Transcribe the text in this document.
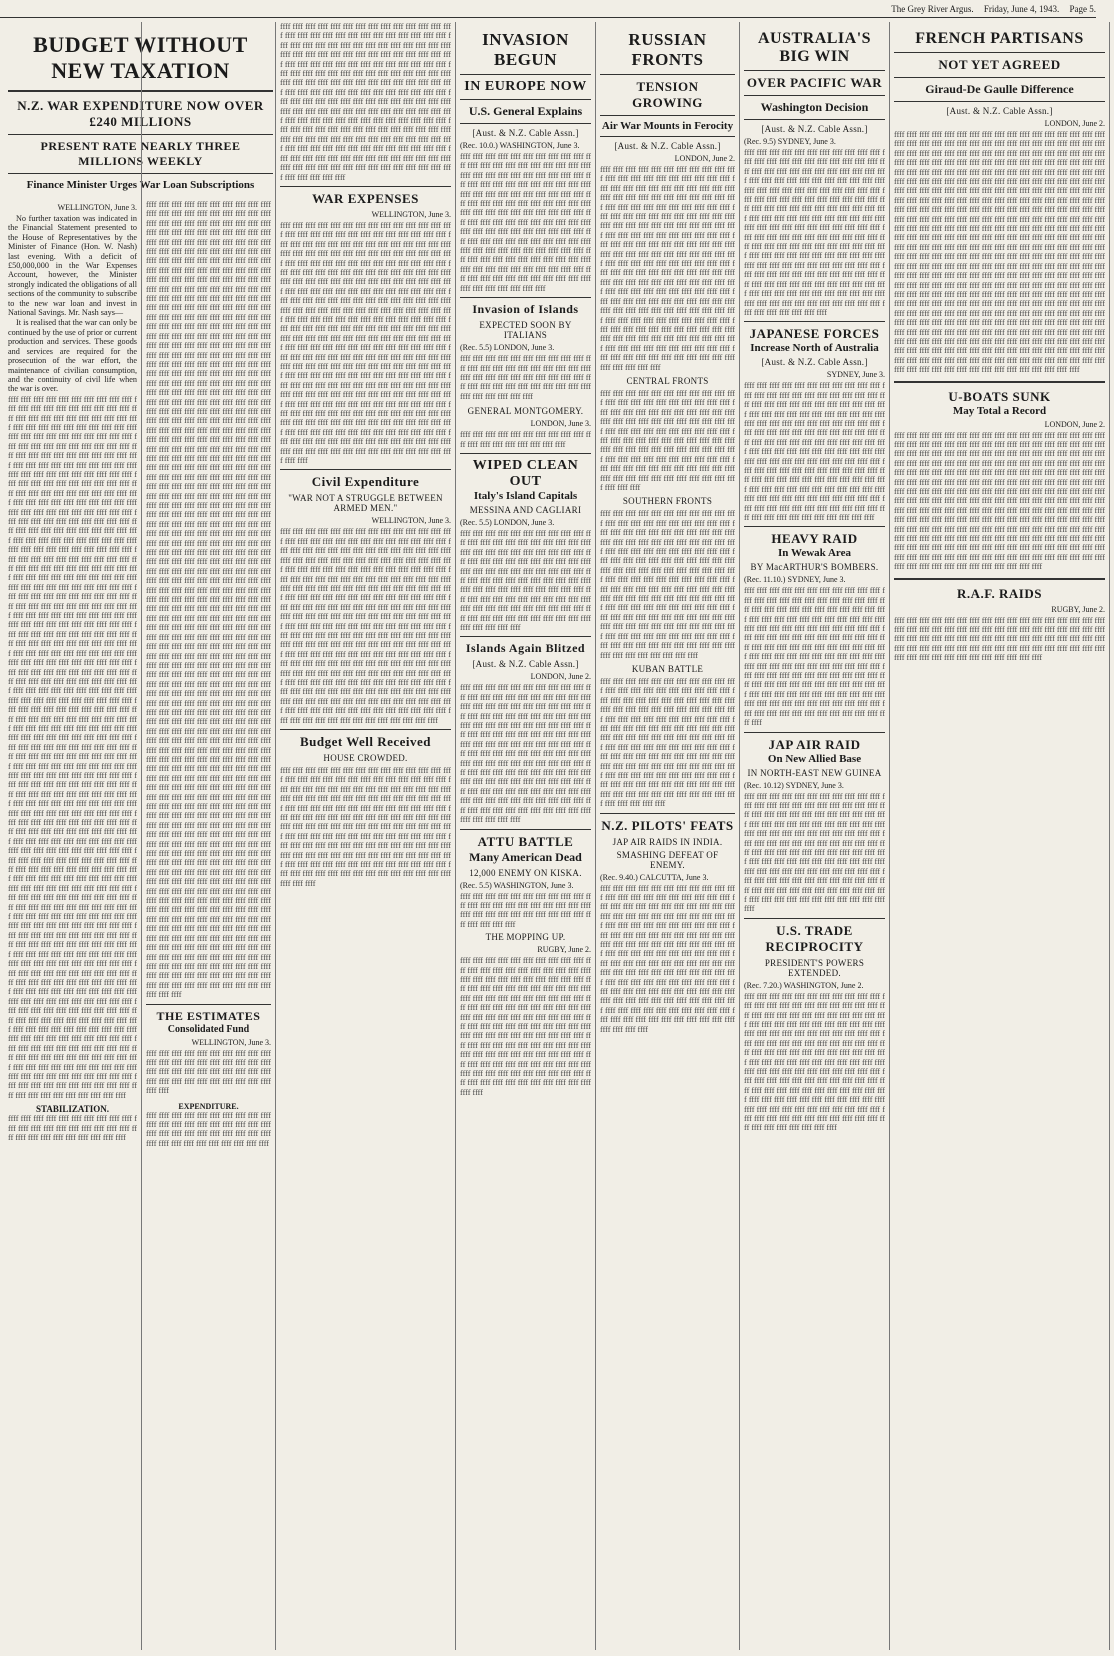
The Grey River Argus. Friday, June 4, 1943. Page 5.
BUDGET WITHOUT NEW TAXATION
N.Z. WAR EXPENDITURE NOW OVER £240 MILLIONS
PRESENT RATE NEARLY THREE MILLIONS WEEKLY
Finance Minister Urges War Loan Subscriptions
WELLINGTON, June 3.

No further taxation was indicated in the Financial Statement presented to the House of Representatives by the Minister of Finance (Hon. W. Nash) last evening. With a deficit of £50,000,000 in the War Expenses Account, however, the Minister strongly indicated the obligations of all sections of the community to subscribe to the new war loan and invest in National Savings. Mr. Nash says—

It is realised that the war can only be continued by the use of prior or current production and services. These goods and services are required for the prosecution of the war effort, the maintenance of civilian consumption, and the continuity of civil life when the war is over.

ffff ffff ffff ffff ffff ffff ffff ffff ffff ffff ffff ffff ffff ffff ffff ffff ffff ffff ffff ffff ffff ffff ffff ffff ffff ffff ffff ffff ffff ffff ffff ffff ffff ffff ffff ffff ffff ffff ffff ffff ffff ffff ffff ffff ffff ffff ffff ffff ffff ffff ffff ffff ffff ffff ffff ffff ffff ffff ffff ffff ffff ffff ffff ffff ffff ffff ffff ffff ffff ffff ffff ffff ffff ffff ffff ffff ffff ffff ffff ffff ffff ffff ffff ffff ffff ffff ffff ffff ffff ffff ffff ffff ffff ffff ffff ffff ffff ffff ffff ffff ffff ffff ffff ffff ffff ffff ffff ffff ffff ffff ffff ffff ffff ffff ffff ffff ffff ffff ffff ffff ffff ffff ffff ffff ffff ffff ffff ffff ffff ffff ffff ffff ffff ffff ffff ffff ffff ffff ffff ffff ffff ffff ffff ffff ffff ffff ffff ffff ffff ffff ffff ffff ffff ffff ffff ffff ffff ffff ffff ffff ffff ffff ffff ffff ffff ffff ffff ffff ffff ffff ffff ffff ffff ffff ffff ffff ffff ffff ffff ffff ffff ffff ffff ffff ffff ffff ffff ffff ffff ffff ffff ffff ffff ffff ffff ffff ffff ffff ffff ffff ffff ffff ffff ffff ffff ffff ffff ffff ffff ffff ffff ffff ffff ffff ffff ffff ffff ffff ffff ffff ffff ffff ffff ffff ffff ffff ffff ffff ffff ffff ffff ffff ffff ffff ffff ffff ffff ffff ffff ffff ffff ffff ffff ffff ffff ffff ffff ffff ffff ffff ffff ffff ffff ffff ffff ffff ffff ffff ffff ffff ffff ffff ffff ffff ffff ffff ffff ffff ffff ffff ffff ffff ffff ffff ffff ffff ffff ffff ffff ffff ffff ffff ffff ffff ffff ffff ffff ffff ffff ffff ffff ffff ffff ffff ffff ffff ffff ffff ffff ffff ffff ffff ffff ffff ffff ffff ffff ffff ffff ffff ffff ffff ffff ffff ffff ffff ffff ffff ffff ffff ffff ffff ffff ffff ffff ffff ffff ffff ffff ffff ffff ffff ffff ffff ffff ffff ffff ffff ffff ffff ffff ffff ffff ffff ffff ffff ffff ffff ffff ffff ffff ffff ffff ffff ffff ffff ffff ffff ffff ffff ffff ffff ffff ffff ffff ffff ffff ffff ffff ffff ffff ffff ffff ffff ffff ffff ffff ffff ffff ffff ffff ffff ffff ffff ffff ffff ffff ffff ffff ffff ffff ffff ffff ffff ffff ffff ffff ffff ffff ffff ffff ffff ffff ffff ffff ffff ffff ffff ffff ffff ffff ffff ffff ffff ffff ffff ffff ffff ffff ffff ffff ffff ffff ffff ffff ffff ffff ffff ffff ffff ffff ffff ffff ffff ffff ffff ffff ffff ffff ffff ffff ffff ffff ffff ffff ffff ffff ffff ffff ffff ffff ffff ffff ffff ffff ffff ffff ffff ffff ffff ffff ffff ffff ffff ffff ffff ffff ffff ffff ffff ffff ffff ffff ffff ffff ffff ffff ffff ffff ffff ffff ffff ffff ffff ffff ffff ffff ffff ffff ffff ffff ffff ffff ffff ffff ffff ffff ffff ffff ffff ffff ffff ffff ffff ffff ffff ffff ffff ffff ffff ffff ffff ffff ffff ffff ffff ffff ffff ffff ffff ffff ffff ffff ffff ffff ffff ffff ffff ffff ffff ffff ffff ffff ffff ffff ffff ffff ffff ffff ffff ffff ffff ffff ffff ffff ffff ffff ffff ffff ffff ffff ffff ffff ffff ffff ffff ffff ffff ffff ffff ffff ffff ffff ffff ffff ffff ffff ffff ffff ffff ffff ffff ffff ffff ffff ffff ffff ffff ffff ffff ffff ffff ffff ffff ffff ffff ffff ffff ffff ffff ffff ffff ffff ffff ffff ffff ffff ffff ffff ffff ffff ffff ffff ffff ffff ffff ffff ffff ffff ffff ffff ffff ffff ffff ffff ffff ffff ffff ffff ffff ffff ffff ffff ffff ffff ffff ffff ffff ffff ffff ffff ffff ffff ffff ffff ffff ffff ffff ffff ffff ffff ffff ffff ffff ffff ffff ffff ffff ffff ffff ffff ffff ffff ffff ffff ffff ffff ffff ffff ffff ffff ffff ffff ffff ffff ffff ffff ffff ffff ffff ffff ffff ffff ffff ffff ffff ffff ffff ffff ffff ffff ffff ffff ffff ffff ffff ffff ffff ffff ffff ffff ffff ffff ffff ffff ffff ffff ffff ffff ffff ffff ffff ffff ffff ffff ffff ffff ffff ffff ffff ffff ffff ffff ffff ffff ffff ffff ffff ffff ffff ffff ffff ffff ffff ffff ffff ffff ffff ffff ffff ffff ffff ffff ffff ffff ffff ffff ffff ffff ffff ffff ffff ffff ffff ffff ffff ffff ffff ffff ffff ffff ffff ffff ffff ffff ffff ffff ffff ffff ffff ffff ffff ffff ffff ffff ffff ffff ffff
STABILIZATION.
ffff ffff ffff ffff ffff ffff ffff ffff ffff ffff ffff ffff ffff ffff ffff ffff ffff ffff ffff ffff ffff ffff ffff ffff ffff ffff ffff ffff ffff ffff
ffff ffff ffff ffff ffff ffff ffff ffff ffff ffff ffff ffff ffff ffff ffff ffff ffff ffff ffff ffff ffff ffff ffff ffff ffff ffff ffff ffff ffff ffff ffff ffff ffff ffff ffff ffff ffff ffff ffff ffff ffff ffff ffff ffff ffff ffff ffff ffff ffff ffff ffff ffff ffff ffff ffff ffff ffff ffff ffff ffff ffff ffff ffff ffff ffff ffff ffff ffff ffff ffff ffff ffff ffff ffff ffff ffff ffff ffff ffff ffff ffff ffff ffff ffff ffff ffff ffff ffff ffff ffff ffff ffff ffff ffff ffff ffff ffff ffff ffff ffff ffff ffff ffff ffff ffff ffff ffff ffff ffff ffff ffff ffff ffff ffff ffff ffff ffff ffff ffff ffff ffff ffff ffff ffff ffff ffff ffff ffff ffff ffff ffff ffff ffff ffff ffff ffff ffff ffff ffff ffff ffff ffff ffff ffff ffff ffff ffff ffff ffff ffff ffff ffff ffff ffff ffff ffff ffff ffff ffff ffff ffff ffff ffff ffff ffff ffff ffff ffff ffff ffff ffff ffff ffff ffff ffff ffff ffff ffff ffff ffff ffff ffff ffff ffff ffff ffff ffff ffff ffff ffff ffff ffff ffff ffff ffff ffff ffff ffff ffff ffff ffff ffff ffff ffff ffff ffff ffff ffff ffff ffff ffff ffff ffff ffff ffff ffff ffff ffff ffff ffff ffff ffff ffff ffff ffff ffff ffff ffff ffff ffff ffff ffff ffff ffff ffff ffff ffff ffff ffff ffff ffff ffff ffff ffff ffff ffff ffff ffff ffff ffff ffff ffff ffff ffff ffff ffff ffff ffff ffff ffff ffff ffff ffff ffff ffff ffff ffff ffff ffff ffff ffff ffff ffff ffff ffff ffff ffff ffff ffff ffff ffff ffff ffff ffff ffff ffff ffff ffff ffff ffff ffff ffff ffff ffff ffff ffff ffff ffff ffff ffff ffff ffff ffff ffff ffff ffff ffff ffff ffff ffff ffff ffff ffff ffff ffff ffff ffff ffff ffff ffff ffff ffff ffff ffff ffff ffff ffff ffff ffff ffff ffff ffff ffff ffff ffff ffff ffff ffff ffff ffff ffff ffff ffff ffff ffff ffff ffff ffff ffff ffff ffff ffff ffff ffff ffff ffff ffff ffff ffff ffff ffff ffff ffff ffff ffff ffff ffff ffff ffff ffff ffff ffff ffff ffff ffff ffff ffff ffff ffff ffff ffff ffff ffff ffff ffff ffff ffff ffff ffff ffff ffff ffff ffff ffff ffff ffff ffff ffff ffff ffff ffff ffff ffff ffff ffff ffff ffff ffff ffff ffff ffff ffff ffff ffff ffff ffff ffff ffff ffff ffff ffff ffff ffff ffff ffff ffff ffff ffff ffff ffff ffff ffff ffff ffff ffff ffff ffff ffff ffff ffff ffff ffff ffff ffff ffff ffff ffff ffff ffff ffff ffff ffff ffff ffff ffff ffff ffff ffff ffff ffff ffff ffff ffff ffff ffff ffff ffff ffff ffff ffff ffff ffff ffff ffff ffff ffff ffff ffff ffff ffff ffff ffff ffff ffff ffff ffff ffff ffff ffff ffff ffff ffff ffff ffff ffff ffff ffff ffff ffff ffff ffff ffff ffff ffff ffff ffff ffff ffff ffff ffff ffff ffff ffff ffff ffff ffff ffff ffff ffff ffff ffff ffff ffff ffff ffff ffff ffff ffff ffff ffff ffff ffff ffff ffff ffff ffff ffff ffff ffff ffff ffff ffff ffff ffff ffff ffff ffff ffff ffff ffff ffff ffff ffff ffff ffff ffff ffff ffff ffff ffff ffff ffff ffff ffff ffff ffff ffff ffff ffff ffff ffff ffff ffff ffff ffff ffff ffff ffff ffff ffff ffff ffff ffff ffff ffff ffff ffff ffff ffff ffff ffff ffff ffff ffff ffff ffff ffff ffff ffff ffff ffff ffff ffff ffff ffff ffff ffff ffff ffff ffff ffff ffff ffff ffff ffff ffff ffff ffff ffff ffff ffff ffff ffff ffff ffff ffff ffff ffff ffff ffff ffff ffff ffff ffff ffff ffff ffff ffff ffff ffff ffff ffff ffff ffff ffff ffff ffff ffff ffff ffff ffff ffff ffff ffff ffff ffff ffff ffff ffff ffff ffff ffff ffff ffff ffff ffff ffff ffff ffff ffff ffff ffff ffff ffff ffff ffff ffff ffff ffff ffff ffff ffff ffff ffff ffff ffff ffff ffff ffff ffff ffff ffff ffff ffff ffff ffff ffff ffff ffff ffff ffff ffff ffff ffff ffff ffff ffff ffff ffff ffff ffff ffff ffff ffff ffff ffff ffff ffff ffff ffff ffff ffff ffff ffff ffff ffff ffff ffff ffff ffff ffff ffff ffff ffff ffff ffff ffff ffff ffff ffff ffff ffff ffff ffff ffff ffff ffff ffff ffff ffff ffff ffff ffff ffff ffff ffff ffff ffff ffff ffff ffff ffff ffff ffff ffff ffff ffff ffff ffff ffff ffff ffff ffff ffff ffff ffff ffff ffff ffff ffff ffff ffff ffff ffff ffff ffff ffff ffff ffff ffff ffff ffff ffff ffff ffff ffff ffff ffff ffff ffff ffff ffff ffff ffff ffff ffff ffff ffff ffff ffff ffff ffff ffff ffff ffff ffff ffff ffff ffff ffff ffff ffff ffff ffff ffff ffff ffff ffff ffff ffff ffff ffff ffff ffff ffff ffff ffff ffff ffff ffff ffff ffff ffff
THE ESTIMATES
Consolidated Fund
WELLINGTON, June 3.

ffff ffff ffff ffff ffff ffff ffff ffff ffff ffff ffff ffff ffff ffff ffff ffff ffff ffff ffff ffff ffff ffff ffff ffff ffff ffff ffff ffff ffff ffff ffff ffff ffff ffff ffff ffff ffff ffff ffff ffff ffff ffff
EXPENDITURE.
ffff ffff ffff ffff ffff ffff ffff ffff ffff ffff ffff ffff ffff ffff ffff ffff ffff ffff ffff ffff ffff ffff ffff ffff ffff ffff ffff ffff ffff ffff ffff ffff ffff ffff ffff ffff ffff ffff ffff ffff
ffff ffff ffff ffff ffff ffff ffff ffff ffff ffff ffff ffff ffff ffff ffff ffff ffff ffff ffff ffff ffff ffff ffff ffff ffff ffff ffff ffff ffff ffff ffff ffff ffff ffff ffff ffff ffff ffff ffff ffff ffff ffff ffff ffff ffff ffff ffff ffff ffff ffff ffff ffff ffff ffff ffff ffff ffff ffff ffff ffff ffff ffff ffff ffff ffff ffff ffff ffff ffff ffff ffff ffff ffff ffff ffff ffff ffff ffff ffff ffff ffff ffff ffff ffff ffff ffff ffff ffff ffff ffff ffff ffff ffff ffff ffff ffff ffff ffff ffff ffff ffff ffff ffff ffff ffff ffff ffff ffff ffff ffff ffff ffff ffff ffff ffff ffff ffff ffff ffff ffff ffff ffff ffff ffff ffff ffff ffff ffff ffff ffff ffff ffff ffff ffff ffff ffff ffff ffff ffff ffff ffff ffff ffff ffff ffff ffff ffff ffff ffff ffff ffff ffff ffff ffff ffff ffff ffff ffff ffff ffff ffff ffff ffff ffff ffff ffff ffff ffff ffff ffff ffff ffff ffff ffff ffff ffff ffff ffff ffff ffff ffff ffff ffff ffff ffff ffff ffff ffff ffff ffff ffff ffff ffff ffff ffff ffff ffff ffff ffff ffff ffff ffff ffff ffff ffff ffff ffff ffff ffff ffff ffff ffff ffff ffff ffff ffff ffff ffff ffff ffff ffff ffff ffff ffff
WAR EXPENSES
WELLINGTON, June 3.

ffff ffff ffff ffff ffff ffff ffff ffff ffff ffff ffff ffff ffff ffff ffff ffff ffff ffff ffff ffff ffff ffff ffff ffff ffff ffff ffff ffff ffff ffff ffff ffff ffff ffff ffff ffff ffff ffff ffff ffff ffff ffff ffff ffff ffff ffff ffff ffff ffff ffff ffff ffff ffff ffff ffff ffff ffff ffff ffff ffff ffff ffff ffff ffff ffff ffff ffff ffff ffff ffff ffff ffff ffff ffff ffff ffff ffff ffff ffff ffff ffff ffff ffff ffff ffff ffff ffff ffff ffff ffff ffff ffff ffff ffff ffff ffff ffff ffff ffff ffff ffff ffff ffff ffff ffff ffff ffff ffff ffff ffff ffff ffff ffff ffff ffff ffff ffff ffff ffff ffff ffff ffff ffff ffff ffff ffff ffff ffff ffff ffff ffff ffff ffff ffff ffff ffff ffff ffff ffff ffff ffff ffff ffff ffff ffff ffff ffff ffff ffff ffff ffff ffff ffff ffff ffff ffff ffff ffff ffff ffff ffff ffff ffff ffff ffff ffff ffff ffff ffff ffff ffff ffff ffff ffff ffff ffff ffff ffff ffff ffff ffff ffff ffff ffff ffff ffff ffff ffff ffff ffff ffff ffff ffff ffff ffff ffff ffff ffff ffff ffff ffff ffff ffff ffff ffff ffff ffff ffff ffff ffff ffff ffff ffff ffff ffff ffff ffff ffff ffff ffff ffff ffff ffff ffff ffff ffff ffff ffff ffff ffff ffff ffff ffff ffff ffff ffff ffff ffff ffff ffff ffff ffff ffff ffff ffff ffff ffff ffff ffff ffff ffff ffff ffff ffff ffff ffff ffff ffff ffff ffff ffff ffff ffff ffff ffff ffff ffff ffff ffff ffff ffff ffff ffff ffff ffff ffff ffff ffff ffff ffff ffff ffff ffff ffff ffff ffff ffff ffff ffff ffff ffff ffff ffff ffff ffff ffff ffff ffff ffff ffff ffff ffff ffff ffff ffff ffff ffff ffff ffff ffff ffff ffff ffff ffff ffff ffff ffff ffff ffff ffff ffff ffff ffff ffff ffff ffff ffff ffff ffff ffff ffff ffff ffff ffff ffff ffff ffff ffff ffff ffff ffff ffff ffff ffff
Civil Expenditure
"WAR NOT A STRUGGLE BETWEEN ARMED MEN."
WELLINGTON, June 3.

ffff ffff ffff ffff ffff ffff ffff ffff ffff ffff ffff ffff ffff ffff ffff ffff ffff ffff ffff ffff ffff ffff ffff ffff ffff ffff ffff ffff ffff ffff ffff ffff ffff ffff ffff ffff ffff ffff ffff ffff ffff ffff ffff ffff ffff ffff ffff ffff ffff ffff ffff ffff ffff ffff ffff ffff ffff ffff ffff ffff ffff ffff ffff ffff ffff ffff ffff ffff ffff ffff ffff ffff ffff ffff ffff ffff ffff ffff ffff ffff ffff ffff ffff ffff ffff ffff ffff ffff ffff ffff ffff ffff ffff ffff ffff ffff ffff ffff ffff ffff ffff ffff ffff ffff ffff ffff ffff ffff ffff ffff ffff ffff ffff ffff ffff ffff ffff ffff ffff ffff ffff ffff ffff ffff ffff ffff ffff ffff ffff ffff ffff ffff ffff ffff ffff ffff ffff ffff ffff ffff ffff ffff ffff ffff ffff ffff ffff ffff ffff ffff ffff ffff ffff ffff ffff ffff ffff ffff ffff ffff ffff ffff ffff ffff ffff ffff ffff ffff ffff ffff ffff ffff ffff ffff ffff ffff ffff ffff ffff ffff ffff ffff ffff ffff ffff ffff ffff ffff ffff ffff ffff ffff ffff ffff ffff ffff ffff ffff ffff ffff ffff ffff ffff ffff ffff ffff ffff ffff ffff ffff ffff ffff ffff ffff ffff ffff ffff ffff ffff ffff ffff ffff ffff ffff ffff ffff ffff ffff ffff ffff ffff ffff ffff ffff ffff ffff ffff ffff ffff ffff ffff ffff ffff ffff ffff ffff ffff ffff ffff ffff ffff ffff ffff ffff ffff ffff ffff ffff ffff ffff ffff ffff ffff ffff ffff ffff ffff ffff ffff ffff ffff ffff ffff ffff ffff ffff ffff ffff ffff ffff ffff ffff ffff ffff ffff ffff
Budget Well Received
HOUSE CROWDED.
ffff ffff ffff ffff ffff ffff ffff ffff ffff ffff ffff ffff ffff ffff ffff ffff ffff ffff ffff ffff ffff ffff ffff ffff ffff ffff ffff ffff ffff ffff ffff ffff ffff ffff ffff ffff ffff ffff ffff ffff ffff ffff ffff ffff ffff ffff ffff ffff ffff ffff ffff ffff ffff ffff ffff ffff ffff ffff ffff ffff ffff ffff ffff ffff ffff ffff ffff ffff ffff ffff ffff ffff ffff ffff ffff ffff ffff ffff ffff ffff ffff ffff ffff ffff ffff ffff ffff ffff ffff ffff ffff ffff ffff ffff ffff ffff ffff ffff ffff ffff ffff ffff ffff ffff ffff ffff ffff ffff ffff ffff ffff ffff ffff ffff ffff ffff ffff ffff ffff ffff ffff ffff ffff ffff ffff ffff ffff ffff ffff ffff ffff ffff ffff ffff ffff ffff ffff ffff ffff ffff ffff ffff ffff ffff ffff ffff ffff ffff ffff ffff ffff ffff ffff ffff ffff ffff ffff ffff ffff ffff ffff ffff ffff ffff ffff ffff ffff
INVASION BEGUN
IN EUROPE NOW
U.S. General Explains
[Aust. & N.Z. Cable Assn.]
(Rec. 10.0.) WASHINGTON, June 3.
ffff ffff ffff ffff ffff ffff ffff ffff ffff ffff ffff ffff ffff ffff ffff ffff ffff ffff ffff ffff ffff ffff ffff ffff ffff ffff ffff ffff ffff ffff ffff ffff ffff ffff ffff ffff ffff ffff ffff ffff ffff ffff ffff ffff ffff ffff ffff ffff ffff ffff ffff ffff ffff ffff ffff ffff ffff ffff ffff ffff ffff ffff ffff ffff ffff ffff ffff ffff ffff ffff ffff ffff ffff ffff ffff ffff ffff ffff ffff ffff ffff ffff ffff ffff ffff ffff ffff ffff ffff ffff ffff ffff ffff ffff ffff ffff ffff ffff ffff ffff ffff ffff ffff ffff ffff ffff ffff ffff ffff ffff ffff ffff ffff ffff ffff ffff ffff ffff ffff ffff ffff ffff ffff ffff ffff ffff ffff ffff ffff ffff ffff ffff ffff ffff ffff ffff ffff ffff ffff ffff ffff ffff ffff ffff ffff ffff ffff ffff ffff ffff ffff ffff ffff ffff
Invasion of Islands
EXPECTED SOON BY ITALIANS
(Rec. 5.5) LONDON, June 3.
ffff ffff ffff ffff ffff ffff ffff ffff ffff ffff ffff ffff ffff ffff ffff ffff ffff ffff ffff ffff ffff ffff ffff ffff ffff ffff ffff ffff ffff ffff ffff ffff ffff ffff ffff ffff ffff ffff ffff ffff ffff ffff ffff ffff ffff ffff ffff ffff
GENERAL MONTGOMERY.
LONDON, June 3.

ffff ffff ffff ffff ffff ffff ffff ffff ffff ffff ffff ffff ffff ffff ffff ffff ffff ffff ffff
WIPED CLEAN OUT
Italy's Island Capitals
MESSINA AND CAGLIARI
(Rec. 5.5) LONDON, June 3.
ffff ffff ffff ffff ffff ffff ffff ffff ffff ffff ffff ffff ffff ffff ffff ffff ffff ffff ffff ffff ffff ffff ffff ffff ffff ffff ffff ffff ffff ffff ffff ffff ffff ffff ffff ffff ffff ffff ffff ffff ffff ffff ffff ffff ffff ffff ffff ffff ffff ffff ffff ffff ffff ffff ffff ffff ffff ffff ffff ffff ffff ffff ffff ffff ffff ffff ffff ffff ffff ffff ffff ffff ffff ffff ffff ffff ffff ffff ffff ffff ffff ffff ffff ffff ffff ffff ffff ffff ffff ffff ffff ffff ffff ffff ffff ffff ffff ffff ffff ffff ffff ffff ffff ffff ffff ffff ffff ffff ffff ffff
Islands Again Blitzed
[Aust. & N.Z. Cable Assn.]
LONDON, June 2.

ffff ffff ffff ffff ffff ffff ffff ffff ffff ffff ffff ffff ffff ffff ffff ffff ffff ffff ffff ffff ffff ffff ffff ffff ffff ffff ffff ffff ffff ffff ffff ffff ffff ffff ffff ffff ffff ffff ffff ffff ffff ffff ffff ffff ffff ffff ffff ffff ffff ffff ffff ffff ffff ffff ffff ffff ffff ffff ffff ffff ffff ffff ffff ffff ffff ffff ffff ffff ffff ffff ffff ffff ffff ffff ffff ffff ffff ffff ffff ffff ffff ffff ffff ffff ffff ffff ffff ffff ffff ffff ffff ffff ffff ffff ffff ffff ffff ffff ffff ffff ffff ffff ffff ffff ffff ffff ffff ffff ffff ffff ffff ffff ffff ffff ffff ffff ffff ffff ffff ffff ffff ffff ffff ffff ffff ffff ffff ffff ffff ffff ffff ffff ffff ffff ffff ffff ffff ffff ffff ffff ffff ffff ffff ffff ffff ffff ffff ffff ffff ffff ffff ffff
ATTU BATTLE
Many American Dead
12,000 ENEMY ON KISKA.
(Rec. 5.5) WASHINGTON, June 3.
ffff ffff ffff ffff ffff ffff ffff ffff ffff ffff ffff ffff ffff ffff ffff ffff ffff ffff ffff ffff ffff ffff ffff ffff ffff ffff ffff ffff ffff ffff ffff ffff ffff ffff ffff ffff
THE MOPPING UP.
RUGBY, June 2.

ffff ffff ffff ffff ffff ffff ffff ffff ffff ffff ffff ffff ffff ffff ffff ffff ffff ffff ffff ffff ffff ffff ffff ffff ffff ffff ffff ffff ffff ffff ffff ffff ffff ffff ffff ffff ffff ffff ffff ffff ffff ffff ffff ffff ffff ffff ffff ffff ffff ffff ffff ffff ffff ffff ffff ffff ffff ffff ffff ffff ffff ffff ffff ffff ffff ffff ffff ffff ffff ffff ffff ffff ffff ffff ffff ffff ffff ffff ffff ffff ffff ffff ffff ffff ffff ffff ffff ffff ffff ffff ffff ffff ffff ffff ffff ffff ffff ffff ffff ffff ffff ffff ffff ffff ffff ffff ffff ffff ffff ffff ffff ffff ffff ffff ffff ffff ffff ffff ffff ffff ffff ffff ffff ffff ffff ffff ffff ffff ffff ffff ffff ffff ffff ffff ffff ffff ffff ffff ffff ffff ffff ffff ffff ffff ffff ffff ffff ffff ffff
RUSSIAN FRONTS
TENSION GROWING
Air War Mounts in Ferocity
[Aust. & N.Z. Cable Assn.]
LONDON, June 2.

ffff ffff ffff ffff ffff ffff ffff ffff ffff ffff ffff ffff ffff ffff ffff ffff ffff ffff ffff ffff ffff ffff ffff ffff ffff ffff ffff ffff ffff ffff ffff ffff ffff ffff ffff ffff ffff ffff ffff ffff ffff ffff ffff ffff ffff ffff ffff ffff ffff ffff ffff ffff ffff ffff ffff ffff ffff ffff ffff ffff ffff ffff ffff ffff ffff ffff ffff ffff ffff ffff ffff ffff ffff ffff ffff ffff ffff ffff ffff ffff ffff ffff ffff ffff ffff ffff ffff ffff ffff ffff ffff ffff ffff ffff ffff ffff ffff ffff ffff ffff ffff ffff ffff ffff ffff ffff ffff ffff ffff ffff ffff ffff ffff ffff ffff ffff ffff ffff ffff ffff ffff ffff ffff ffff ffff ffff ffff ffff ffff ffff ffff ffff ffff ffff ffff ffff ffff ffff ffff ffff ffff ffff ffff ffff ffff ffff ffff ffff ffff ffff ffff ffff ffff ffff ffff ffff ffff ffff ffff ffff ffff ffff ffff ffff ffff ffff ffff ffff ffff ffff ffff ffff ffff ffff ffff ffff ffff ffff ffff ffff ffff ffff ffff ffff ffff ffff ffff ffff ffff ffff ffff ffff ffff ffff ffff ffff ffff ffff ffff ffff ffff ffff ffff ffff ffff ffff ffff ffff ffff ffff ffff ffff ffff ffff ffff ffff ffff ffff ffff ffff ffff ffff ffff ffff ffff ffff ffff ffff ffff
CENTRAL FRONTS
ffff ffff ffff ffff ffff ffff ffff ffff ffff ffff ffff ffff ffff ffff ffff ffff ffff ffff ffff ffff ffff ffff ffff ffff ffff ffff ffff ffff ffff ffff ffff ffff ffff ffff ffff ffff ffff ffff ffff ffff ffff ffff ffff ffff ffff ffff ffff ffff ffff ffff ffff ffff ffff ffff ffff ffff ffff ffff ffff ffff ffff ffff ffff ffff ffff ffff ffff ffff ffff ffff ffff ffff ffff ffff ffff ffff ffff ffff ffff ffff ffff ffff ffff ffff ffff ffff ffff ffff ffff ffff ffff ffff ffff ffff ffff ffff ffff ffff ffff ffff ffff ffff ffff ffff ffff ffff ffff ffff ffff ffff
SOUTHERN FRONTS
ffff ffff ffff ffff ffff ffff ffff ffff ffff ffff ffff ffff ffff ffff ffff ffff ffff ffff ffff ffff ffff ffff ffff ffff ffff ffff ffff ffff ffff ffff ffff ffff ffff ffff ffff ffff ffff ffff ffff ffff ffff ffff ffff ffff ffff ffff ffff ffff ffff ffff ffff ffff ffff ffff ffff ffff ffff ffff ffff ffff ffff ffff ffff ffff ffff ffff ffff ffff ffff ffff ffff ffff ffff ffff ffff ffff ffff ffff ffff ffff ffff ffff ffff ffff ffff ffff ffff ffff ffff ffff ffff ffff ffff ffff ffff ffff ffff ffff ffff ffff ffff ffff ffff ffff ffff ffff ffff ffff ffff ffff ffff ffff ffff ffff ffff ffff ffff ffff ffff ffff ffff ffff ffff ffff ffff ffff ffff ffff ffff ffff ffff ffff ffff ffff ffff ffff ffff ffff ffff ffff ffff ffff ffff ffff ffff ffff ffff ffff ffff ffff ffff ffff ffff ffff ffff ffff ffff ffff ffff ffff ffff ffff ffff ffff ffff ffff ffff ffff
KUBAN BATTLE
ffff ffff ffff ffff ffff ffff ffff ffff ffff ffff ffff ffff ffff ffff ffff ffff ffff ffff ffff ffff ffff ffff ffff ffff ffff ffff ffff ffff ffff ffff ffff ffff ffff ffff ffff ffff ffff ffff ffff ffff ffff ffff ffff ffff ffff ffff ffff ffff ffff ffff ffff ffff ffff ffff ffff ffff ffff ffff ffff ffff ffff ffff ffff ffff ffff ffff ffff ffff ffff ffff ffff ffff ffff ffff ffff ffff ffff ffff ffff ffff ffff ffff ffff ffff ffff ffff ffff ffff ffff ffff ffff ffff ffff ffff ffff ffff ffff ffff ffff ffff ffff ffff ffff ffff ffff ffff ffff ffff ffff ffff ffff ffff ffff ffff ffff ffff ffff ffff ffff ffff ffff ffff ffff ffff ffff ffff ffff ffff ffff ffff ffff ffff ffff ffff ffff ffff ffff ffff ffff ffff ffff ffff ffff ffff
N.Z. PILOTS' FEATS
JAP AIR RAIDS IN INDIA.
SMASHING DEFEAT OF ENEMY.
(Rec. 9.40.) CALCUTTA, June 3.
ffff ffff ffff ffff ffff ffff ffff ffff ffff ffff ffff ffff ffff ffff ffff ffff ffff ffff ffff ffff ffff ffff ffff ffff ffff ffff ffff ffff ffff ffff ffff ffff ffff ffff ffff ffff ffff ffff ffff ffff ffff ffff ffff ffff ffff ffff ffff ffff ffff ffff ffff ffff ffff ffff ffff ffff ffff ffff ffff ffff ffff ffff ffff ffff ffff ffff ffff ffff ffff ffff ffff ffff ffff ffff ffff ffff ffff ffff ffff ffff ffff ffff ffff ffff ffff ffff ffff ffff ffff ffff ffff ffff ffff ffff ffff ffff ffff ffff ffff ffff ffff ffff ffff ffff ffff ffff ffff ffff ffff ffff ffff ffff ffff ffff ffff ffff ffff ffff ffff ffff ffff ffff ffff ffff ffff ffff ffff ffff ffff ffff ffff ffff ffff ffff ffff ffff ffff ffff ffff ffff ffff ffff ffff ffff ffff ffff ffff ffff ffff ffff ffff ffff ffff ffff ffff ffff ffff ffff ffff ffff ffff ffff ffff ffff
AUSTRALIA'S BIG WIN
OVER PACIFIC WAR
Washington Decision
[Aust. & N.Z. Cable Assn.]
(Rec. 9.5) SYDNEY, June 3.
ffff ffff ffff ffff ffff ffff ffff ffff ffff ffff ffff ffff ffff ffff ffff ffff ffff ffff ffff ffff ffff ffff ffff ffff ffff ffff ffff ffff ffff ffff ffff ffff ffff ffff ffff ffff ffff ffff ffff ffff ffff ffff ffff ffff ffff ffff ffff ffff ffff ffff ffff ffff ffff ffff ffff ffff ffff ffff ffff ffff ffff ffff ffff ffff ffff ffff ffff ffff ffff ffff ffff ffff ffff ffff ffff ffff ffff ffff ffff ffff ffff ffff ffff ffff ffff ffff ffff ffff ffff ffff ffff ffff ffff ffff ffff ffff ffff ffff ffff ffff ffff ffff ffff ffff ffff ffff ffff ffff ffff ffff ffff ffff ffff ffff ffff ffff ffff ffff ffff ffff ffff ffff ffff ffff ffff ffff ffff ffff ffff ffff ffff ffff ffff ffff ffff ffff ffff ffff ffff ffff ffff ffff ffff ffff ffff ffff ffff ffff ffff ffff ffff ffff ffff ffff ffff ffff ffff ffff ffff ffff ffff ffff ffff ffff ffff ffff ffff ffff ffff ffff ffff ffff ffff ffff ffff ffff ffff ffff ffff ffff ffff ffff ffff ffff ffff ffff ffff ffff ffff ffff ffff ffff ffff ffff ffff ffff ffff ffff
JAPANESE FORCES
Increase North of Australia
[Aust. & N.Z. Cable Assn.]
SYDNEY, June 3.

ffff ffff ffff ffff ffff ffff ffff ffff ffff ffff ffff ffff ffff ffff ffff ffff ffff ffff ffff ffff ffff ffff ffff ffff ffff ffff ffff ffff ffff ffff ffff ffff ffff ffff ffff ffff ffff ffff ffff ffff ffff ffff ffff ffff ffff ffff ffff ffff ffff ffff ffff ffff ffff ffff ffff ffff ffff ffff ffff ffff ffff ffff ffff ffff ffff ffff ffff ffff ffff ffff ffff ffff ffff ffff ffff ffff ffff ffff ffff ffff ffff ffff ffff ffff ffff ffff ffff ffff ffff ffff ffff ffff ffff ffff ffff ffff ffff ffff ffff ffff ffff ffff ffff ffff ffff ffff ffff ffff ffff ffff ffff ffff ffff ffff ffff ffff ffff ffff ffff ffff ffff ffff ffff ffff ffff ffff ffff ffff ffff ffff ffff ffff ffff ffff ffff ffff ffff ffff ffff ffff ffff ffff ffff ffff ffff ffff ffff ffff ffff ffff ffff ffff ffff ffff ffff ffff ffff ffff ffff ffff ffff ffff ffff ffff ffff ffff ffff ffff
HEAVY RAID
In Wewak Area
BY MacARTHUR'S BOMBERS.
(Rec. 11.10.) SYDNEY, June 3.
ffff ffff ffff ffff ffff ffff ffff ffff ffff ffff ffff ffff ffff ffff ffff ffff ffff ffff ffff ffff ffff ffff ffff ffff ffff ffff ffff ffff ffff ffff ffff ffff ffff ffff ffff ffff ffff ffff ffff ffff ffff ffff ffff ffff ffff ffff ffff ffff ffff ffff ffff ffff ffff ffff ffff ffff ffff ffff ffff ffff ffff ffff ffff ffff ffff ffff ffff ffff ffff ffff ffff ffff ffff ffff ffff ffff ffff ffff ffff ffff ffff ffff ffff ffff ffff ffff ffff ffff ffff ffff ffff ffff ffff ffff ffff ffff ffff ffff ffff ffff ffff ffff ffff ffff ffff ffff ffff ffff ffff ffff ffff ffff ffff ffff ffff ffff ffff ffff ffff ffff ffff ffff ffff ffff ffff ffff ffff ffff ffff ffff ffff ffff ffff ffff ffff ffff ffff ffff ffff ffff ffff ffff ffff ffff ffff ffff ffff ffff ffff ffff ffff ffff ffff ffff ffff ffff ffff ffff ffff
JAP AIR RAID
On New Allied Base
IN NORTH-EAST NEW GUINEA
(Rec. 10.12) SYDNEY, June 3.
ffff ffff ffff ffff ffff ffff ffff ffff ffff ffff ffff ffff ffff ffff ffff ffff ffff ffff ffff ffff ffff ffff ffff ffff ffff ffff ffff ffff ffff ffff ffff ffff ffff ffff ffff ffff ffff ffff ffff ffff ffff ffff ffff ffff ffff ffff ffff ffff ffff ffff ffff ffff ffff ffff ffff ffff ffff ffff ffff ffff ffff ffff ffff ffff ffff ffff ffff ffff ffff ffff ffff ffff ffff ffff ffff ffff ffff ffff ffff ffff ffff ffff ffff ffff ffff ffff ffff ffff ffff ffff ffff ffff ffff ffff ffff ffff ffff ffff ffff ffff ffff ffff ffff ffff ffff ffff ffff ffff ffff ffff ffff ffff ffff ffff ffff ffff ffff ffff ffff ffff ffff ffff ffff ffff ffff ffff ffff ffff ffff ffff ffff ffff ffff ffff ffff ffff
U.S. TRADE RECIPROCITY
PRESIDENT'S POWERS EXTENDED.
(Rec. 7.20.) WASHINGTON, June 2.
ffff ffff ffff ffff ffff ffff ffff ffff ffff ffff ffff ffff ffff ffff ffff ffff ffff ffff ffff ffff ffff ffff ffff ffff ffff ffff ffff ffff ffff ffff ffff ffff ffff ffff ffff ffff ffff ffff ffff ffff ffff ffff ffff ffff ffff ffff ffff ffff ffff ffff ffff ffff ffff ffff ffff ffff ffff ffff ffff ffff ffff ffff ffff ffff ffff ffff ffff ffff ffff ffff ffff ffff ffff ffff ffff ffff ffff ffff ffff ffff ffff ffff ffff ffff ffff ffff ffff ffff ffff ffff ffff ffff ffff ffff ffff ffff ffff ffff ffff ffff ffff ffff ffff ffff ffff ffff ffff ffff ffff ffff ffff ffff ffff ffff ffff ffff ffff ffff ffff ffff ffff ffff ffff ffff ffff ffff ffff ffff ffff ffff ffff ffff ffff ffff ffff ffff ffff ffff ffff ffff ffff ffff ffff ffff ffff ffff ffff ffff ffff ffff ffff ffff ffff ffff ffff ffff ffff ffff ffff ffff ffff ffff ffff ffff ffff
FRENCH PARTISANS
NOT YET AGREED
Giraud-De Gaulle Difference
[Aust. & N.Z. Cable Assn.]
LONDON, June 2.

ffff ffff ffff ffff ffff ffff ffff ffff ffff ffff ffff ffff ffff ffff ffff ffff ffff ffff ffff ffff ffff ffff ffff ffff ffff ffff ffff ffff ffff ffff ffff ffff ffff ffff ffff ffff ffff ffff ffff ffff ffff ffff ffff ffff ffff ffff ffff ffff ffff ffff ffff ffff ffff ffff ffff ffff ffff ffff ffff ffff ffff ffff ffff ffff ffff ffff ffff ffff ffff ffff ffff ffff ffff ffff ffff ffff ffff ffff ffff ffff ffff ffff ffff ffff ffff ffff ffff ffff ffff ffff ffff ffff ffff ffff ffff ffff ffff ffff ffff ffff ffff ffff ffff ffff ffff ffff ffff ffff ffff ffff ffff ffff ffff ffff ffff ffff ffff ffff ffff ffff ffff ffff ffff ffff ffff ffff ffff ffff ffff ffff ffff ffff ffff ffff ffff ffff ffff ffff ffff ffff ffff ffff ffff ffff ffff ffff ffff ffff ffff ffff ffff ffff ffff ffff ffff ffff ffff ffff ffff ffff ffff ffff ffff ffff ffff ffff ffff ffff ffff ffff ffff ffff ffff ffff ffff ffff ffff ffff ffff ffff ffff ffff ffff ffff ffff ffff ffff ffff ffff ffff ffff ffff ffff ffff ffff ffff ffff ffff ffff ffff ffff ffff ffff ffff ffff ffff ffff ffff ffff ffff ffff ffff ffff ffff ffff ffff ffff ffff ffff ffff ffff ffff ffff ffff ffff ffff ffff ffff ffff ffff ffff ffff ffff ffff ffff ffff ffff ffff ffff ffff ffff ffff ffff ffff ffff ffff ffff ffff ffff ffff ffff ffff ffff ffff ffff ffff ffff ffff ffff ffff ffff ffff ffff ffff ffff ffff ffff ffff ffff ffff ffff ffff ffff ffff ffff ffff ffff ffff ffff ffff ffff ffff ffff ffff ffff ffff ffff ffff ffff ffff ffff ffff ffff ffff ffff ffff ffff ffff ffff ffff ffff ffff ffff ffff ffff ffff ffff ffff ffff ffff ffff ffff ffff ffff ffff ffff ffff ffff ffff ffff ffff ffff ffff ffff ffff ffff ffff ffff ffff ffff ffff ffff ffff ffff ffff ffff ffff ffff ffff ffff ffff ffff ffff ffff ffff ffff ffff ffff ffff ffff ffff ffff ffff ffff ffff ffff ffff ffff ffff ffff ffff ffff ffff ffff ffff ffff ffff ffff ffff ffff ffff ffff ffff ffff ffff ffff ffff ffff ffff ffff ffff ffff ffff ffff ffff ffff ffff ffff ffff ffff ffff ffff ffff ffff ffff ffff ffff ffff ffff ffff ffff ffff ffff ffff ffff ffff ffff ffff ffff ffff ffff ffff ffff ffff ffff ffff ffff ffff ffff ffff ffff ffff ffff ffff ffff ffff ffff ffff ffff ffff ffff ffff ffff ffff ffff ffff ffff ffff ffff ffff
U-BOATS SUNK
May Total a Record
LONDON, June 2.

ffff ffff ffff ffff ffff ffff ffff ffff ffff ffff ffff ffff ffff ffff ffff ffff ffff ffff ffff ffff ffff ffff ffff ffff ffff ffff ffff ffff ffff ffff ffff ffff ffff ffff ffff ffff ffff ffff ffff ffff ffff ffff ffff ffff ffff ffff ffff ffff ffff ffff ffff ffff ffff ffff ffff ffff ffff ffff ffff ffff ffff ffff ffff ffff ffff ffff ffff ffff ffff ffff ffff ffff ffff ffff ffff ffff ffff ffff ffff ffff ffff ffff ffff ffff ffff ffff ffff ffff ffff ffff ffff ffff ffff ffff ffff ffff ffff ffff ffff ffff ffff ffff ffff ffff ffff ffff ffff ffff ffff ffff ffff ffff ffff ffff ffff ffff ffff ffff ffff ffff ffff ffff ffff ffff ffff ffff ffff ffff ffff ffff ffff ffff ffff ffff ffff ffff ffff ffff ffff ffff ffff ffff ffff ffff ffff ffff ffff ffff ffff ffff ffff ffff ffff ffff ffff ffff ffff ffff ffff ffff ffff ffff ffff ffff ffff ffff ffff ffff ffff ffff ffff ffff ffff ffff ffff ffff ffff ffff ffff ffff ffff ffff ffff ffff ffff ffff ffff ffff ffff ffff ffff ffff ffff ffff ffff ffff ffff ffff ffff ffff ffff ffff ffff ffff ffff ffff ffff ffff ffff ffff ffff ffff ffff ffff ffff ffff ffff ffff ffff ffff ffff ffff ffff ffff ffff ffff ffff ffff ffff ffff ffff ffff ffff ffff ffff ffff ffff ffff ffff ffff ffff ffff ffff ffff ffff ffff ffff ffff ffff ffff
R.A.F. RAIDS
RUGBY, June 2.

ffff ffff ffff ffff ffff ffff ffff ffff ffff ffff ffff ffff ffff ffff ffff ffff ffff ffff ffff ffff ffff ffff ffff ffff ffff ffff ffff ffff ffff ffff ffff ffff ffff ffff ffff ffff ffff ffff ffff ffff ffff ffff ffff ffff ffff ffff ffff ffff ffff ffff ffff ffff ffff ffff ffff ffff ffff ffff ffff ffff ffff ffff ffff ffff ffff ffff ffff ffff ffff ffff ffff ffff ffff ffff ffff ffff ffff ffff ffff ffff
